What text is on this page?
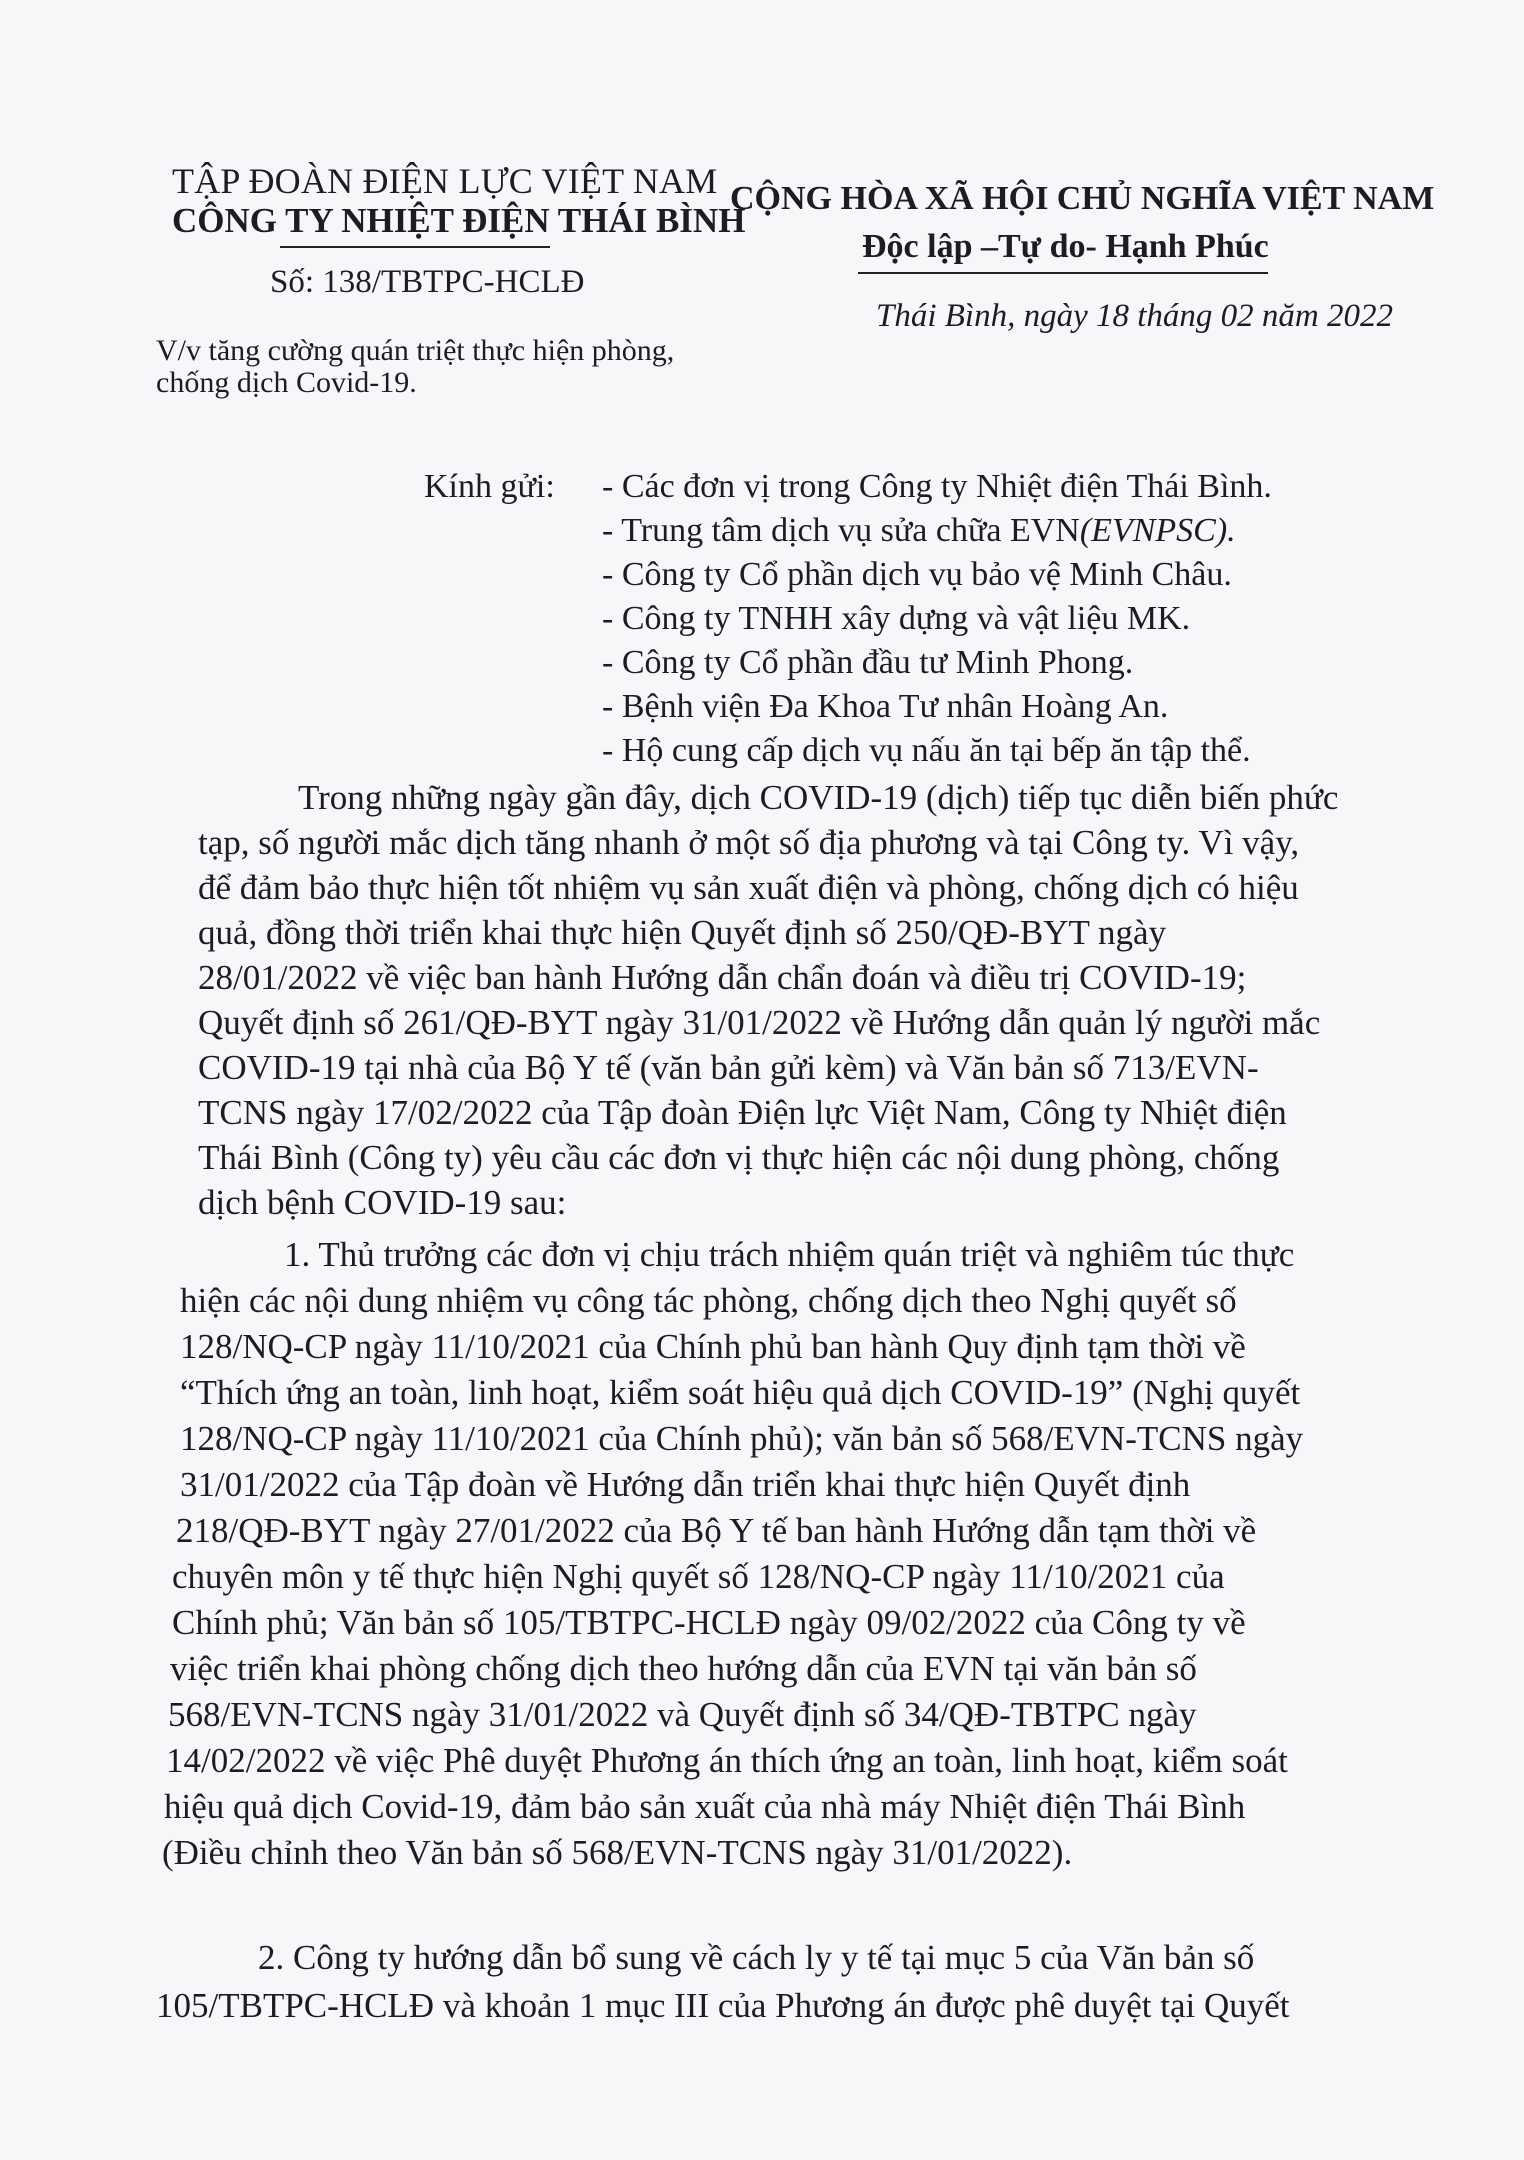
TẬP ĐOÀN ĐIỆN LỰC VIỆT NAM
CÔNG TY NHIỆT ĐIỆN THÁI BÌNH
Số: 138/TBTPC-HCLĐ
V/v tăng cường quán triệt thực hiện phòng,
chống dịch Covid-19.
CỘNG HÒA XÃ HỘI CHỦ NGHĨA VIỆT NAM
Độc lập –Tự do- Hạnh Phúc
Thái Bình, ngày 18 tháng 02 năm 2022
Kính gửi: - Các đơn vị trong Công ty Nhiệt điện Thái Bình.
- Trung tâm dịch vụ sửa chữa EVN(EVNPSC).
- Công ty Cổ phần dịch vụ bảo vệ Minh Châu.
- Công ty TNHH xây dựng và vật liệu MK.
- Công ty Cổ phần đầu tư Minh Phong.
- Bệnh viện Đa Khoa Tư nhân Hoàng An.
- Hộ cung cấp dịch vụ nấu ăn tại bếp ăn tập thể.
Trong những ngày gần đây, dịch COVID-19 (dịch) tiếp tục diễn biến phức
tạp, số người mắc dịch tăng nhanh ở một số địa phương và tại Công ty. Vì vậy,
để đảm bảo thực hiện tốt nhiệm vụ sản xuất điện và phòng, chống dịch có hiệu
quả, đồng thời triển khai thực hiện Quyết định số 250/QĐ-BYT ngày
28/01/2022 về việc ban hành Hướng dẫn chẩn đoán và điều trị COVID-19;
Quyết định số 261/QĐ-BYT ngày 31/01/2022 về Hướng dẫn quản lý người mắc
COVID-19 tại nhà của Bộ Y tế (văn bản gửi kèm) và Văn bản số 713/EVN-
TCNS ngày 17/02/2022 của Tập đoàn Điện lực Việt Nam, Công ty Nhiệt điện
Thái Bình (Công ty) yêu cầu các đơn vị thực hiện các nội dung phòng, chống
dịch bệnh COVID-19 sau:
1. Thủ trưởng các đơn vị chịu trách nhiệm quán triệt và nghiêm túc thực
hiện các nội dung nhiệm vụ công tác phòng, chống dịch theo Nghị quyết số
128/NQ-CP ngày 11/10/2021 của Chính phủ ban hành Quy định tạm thời về
“Thích ứng an toàn, linh hoạt, kiểm soát hiệu quả dịch COVID-19” (Nghị quyết
128/NQ-CP ngày 11/10/2021 của Chính phủ); văn bản số 568/EVN-TCNS ngày
31/01/2022 của Tập đoàn về Hướng dẫn triển khai thực hiện Quyết định
218/QĐ-BYT ngày 27/01/2022 của Bộ Y tế ban hành Hướng dẫn tạm thời về
chuyên môn y tế thực hiện Nghị quyết số 128/NQ-CP ngày 11/10/2021 của
Chính phủ; Văn bản số 105/TBTPC-HCLĐ ngày 09/02/2022 của Công ty về
việc triển khai phòng chống dịch theo hướng dẫn của EVN tại văn bản số
568/EVN-TCNS ngày 31/01/2022 và Quyết định số 34/QĐ-TBTPC ngày
14/02/2022 về việc Phê duyệt Phương án thích ứng an toàn, linh hoạt, kiểm soát
hiệu quả dịch Covid-19, đảm bảo sản xuất của nhà máy Nhiệt điện Thái Bình
(Điều chỉnh theo Văn bản số 568/EVN-TCNS ngày 31/01/2022).
2. Công ty hướng dẫn bổ sung về cách ly y tế tại mục 5 của Văn bản số
105/TBTPC-HCLĐ và khoản 1 mục III của Phương án được phê duyệt tại Quyết
